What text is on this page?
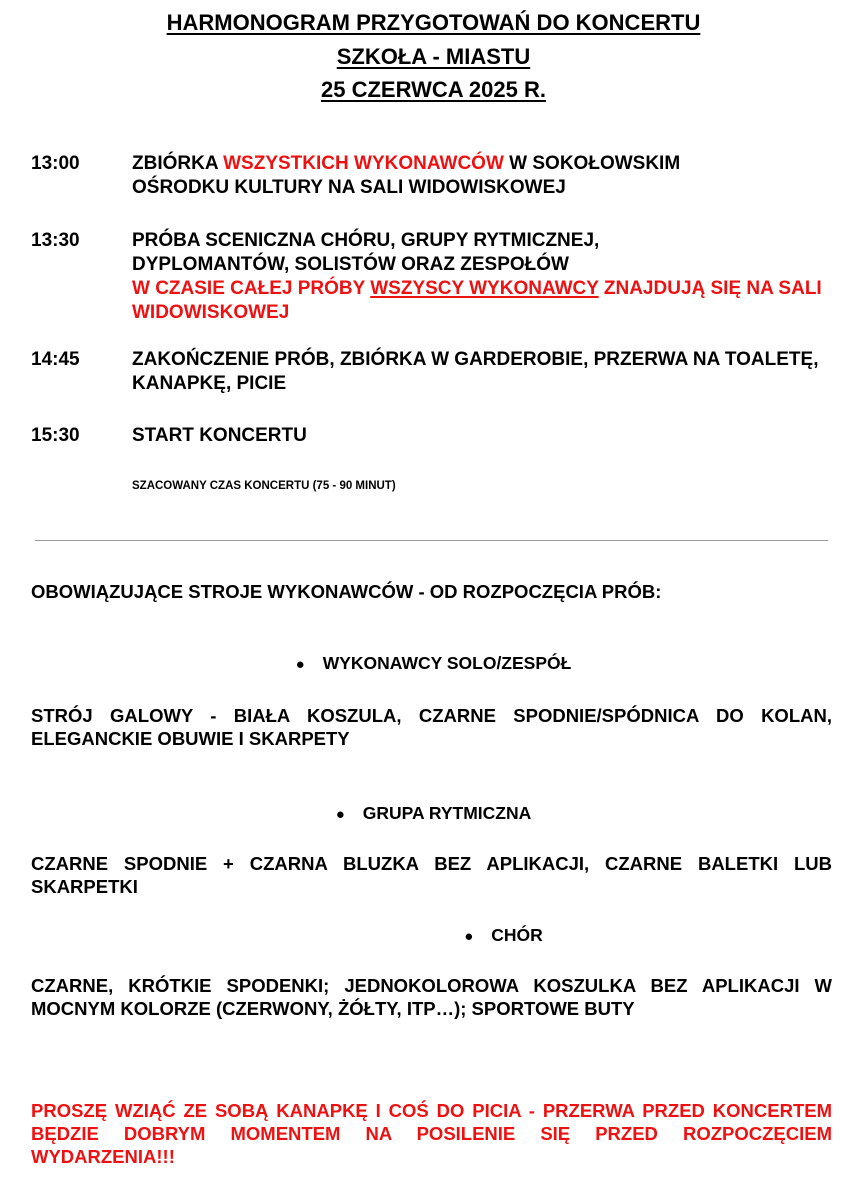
HARMONOGRAM PRZYGOTOWAŃ DO KONCERTU
SZKOŁA - MIASTU
25 CZERWCA 2025 R.
13:00	ZBIÓRKA WSZYSTKICH WYKONAWCÓW W SOKOŁOWSKIM OŚRODKU KULTURY NA SALI WIDOWISKOWEJ
13:30	PRÓBA SCENICZNA CHÓRU, GRUPY RYTMICZNEJ, DYPLOMANTÓW, SOLISTÓW ORAZ ZESPOŁÓW
W CZASIE CAŁEJ PRÓBY WSZYSCY WYKONAWCY ZNAJDUJĄ SIĘ NA SALI WIDOWISKOWEJ
14:45	ZAKOŃCZENIE PRÓB, ZBIÓRKA W GARDEROBIE, PRZERWA NA TOALETĘ, KANAPKĘ, PICIE
15:30	START KONCERTU
SZACOWANY CZAS KONCERTU (75 - 90 MINUT)
OBOWIĄZUJĄCE STROJE WYKONAWCÓW - OD ROZPOCZĘCIA PRÓB:
● WYKONAWCY SOLO/ZESPÓŁ
STRÓJ GALOWY - BIAŁA KOSZULA, CZARNE SPODNIE/SPÓDNICA DO KOLAN, ELEGANCKIE OBUWIE I SKARPETY
● GRUPA RYTMICZNA
CZARNE SPODNIE + CZARNA BLUZKA BEZ APLIKACJI, CZARNE BALETKI LUB SKARPETKI
● CHÓR
CZARNE, KRÓTKIE SPODENKI; JEDNOKOLOROWA KOSZULKA BEZ APLIKACJI W MOCNYM KOLORZE (CZERWONY, ŻÓŁTY, ITP…); SPORTOWE BUTY
PROSZĘ WZIĄĆ ZE SOBĄ KANAPKĘ I COŚ DO PICIA - PRZERWA PRZED KONCERTEM BĘDZIE DOBRYM MOMENTEM NA POSILENIE SIĘ PRZED ROZPOCZĘCIEM WYDARZENIA!!!
